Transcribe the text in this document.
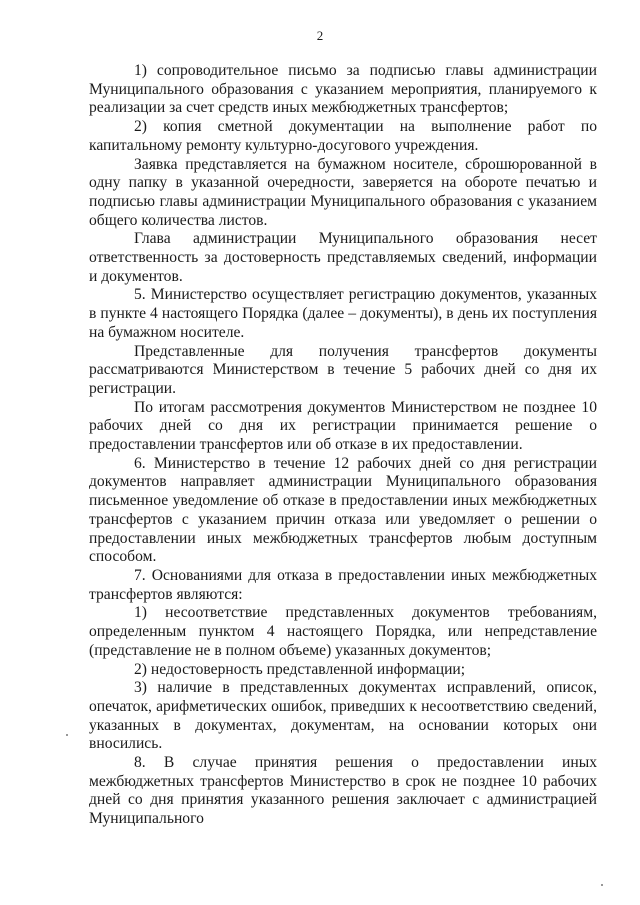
2

1) сопроводительное письмо за подписью главы администрации Муниципального образования с указанием мероприятия, планируемого к реализации за счет средств иных межбюджетных трансфертов;

2) копия сметной документации на выполнение работ по капитальному ремонту культурно-досугового учреждения.

Заявка представляется на бумажном носителе, сброшюрованной в одну папку в указанной очередности, заверяется на обороте печатью и подписью главы администрации Муниципального образования с указанием общего количества листов.

Глава администрации Муниципального образования несет ответственность за достоверность представляемых сведений, информации и документов.

5. Министерство осуществляет регистрацию документов, указанных в пункте 4 настоящего Порядка (далее – документы), в день их поступления на бумажном носителе.

Представленные для получения трансфертов документы рассматриваются Министерством в течение 5 рабочих дней со дня их регистрации.

По итогам рассмотрения документов Министерством не позднее 10 рабочих дней со дня их регистрации принимается решение о предоставлении трансфертов или об отказе в их предоставлении.

6. Министерство в течение 12 рабочих дней со дня регистрации документов направляет администрации Муниципального образования письменное уведомление об отказе в предоставлении иных межбюджетных трансфертов с указанием причин отказа или уведомляет о решении о предоставлении иных межбюджетных трансфертов любым доступным способом.

7. Основаниями для отказа в предоставлении иных межбюджетных трансфертов являются:

1) несоответствие представленных документов требованиям, определенным пунктом 4 настоящего Порядка, или непредставление (представление не в полном объеме) указанных документов;

2) недостоверность представленной информации;

3) наличие в представленных документах исправлений, описок, опечаток, арифметических ошибок, приведших к несоответствию сведений, указанных в документах, документам, на основании которых они вносились.

8. В случае принятия решения о предоставлении иных межбюджетных трансфертов Министерство в срок не позднее 10 рабочих дней со дня принятия указанного решения заключает с администрацией Муниципального
